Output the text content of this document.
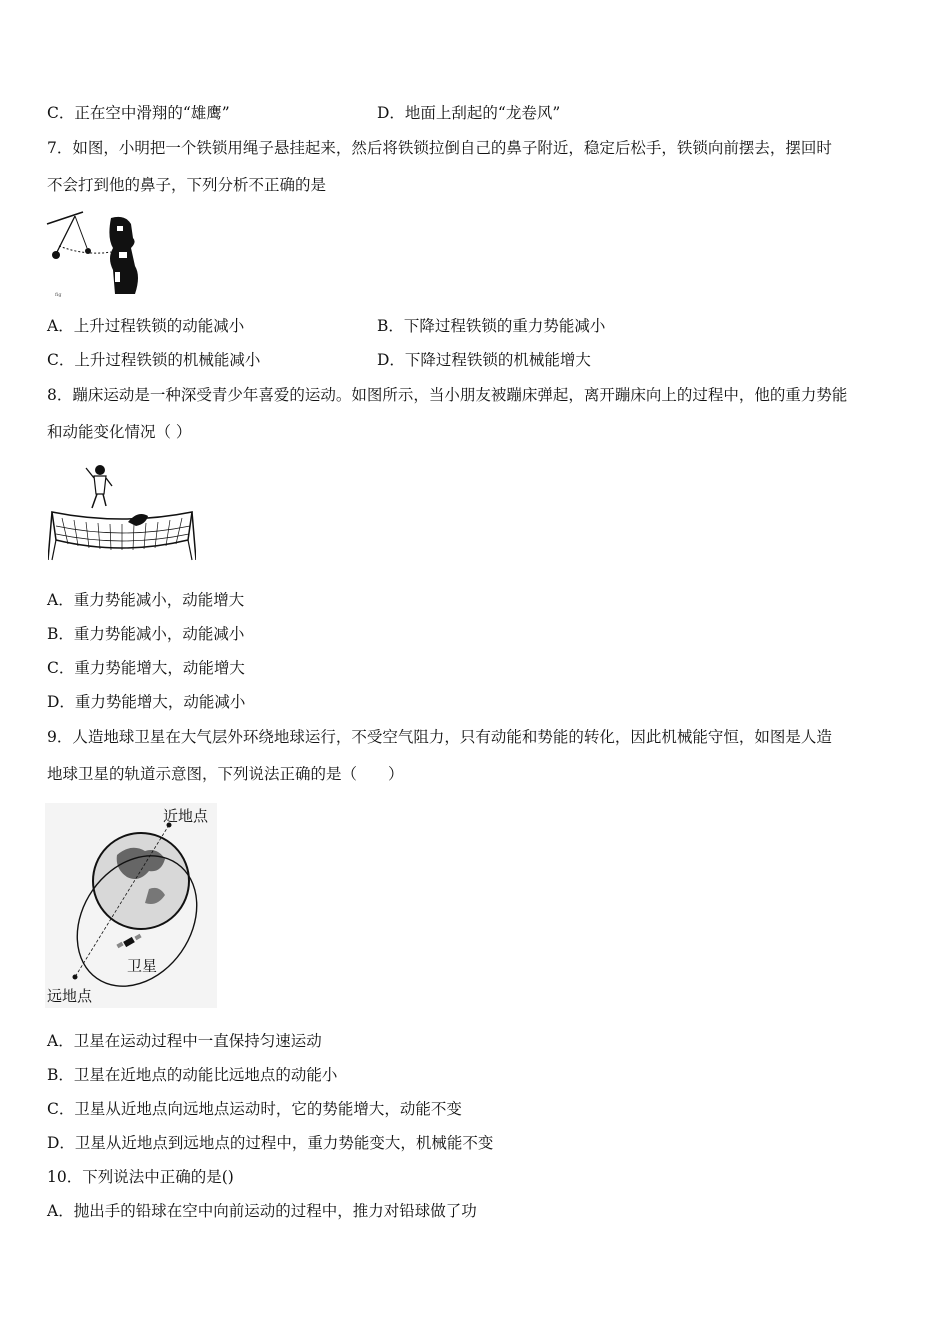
C．正在空中滑翔的“雄鹰”	D．地面上刮起的“龙卷风”
7．如图，小明把一个铁锁用绳子悬挂起来，然后将铁锁拉倒自己的鼻子附近，稳定后松手，铁锁向前摆去，摆回时
不会打到他的鼻子，下列分析不正确的是
fig
A．上升过程铁锁的动能减小	B．下降过程铁锁的重力势能减小
C．上升过程铁锁的机械能减小	D．下降过程铁锁的机械能增大
8．蹦床运动是一种深受青少年喜爱的运动。如图所示，当小朋友被蹦床弹起，离开蹦床向上的过程中，他的重力势能
和动能变化情况（ ）
A．重力势能减小，动能增大
B．重力势能减小，动能减小
C．重力势能增大，动能增大
D．重力势能增大，动能减小
9．人造地球卫星在大气层外环绕地球运行，不受空气阻力，只有动能和势能的转化，因此机械能守恒，如图是人造
地球卫星的轨道示意图，下列说法正确的是（　　）
近地点
卫星
远地点
A．卫星在运动过程中一直保持匀速运动
B．卫星在近地点的动能比远地点的动能小
C．卫星从近地点向远地点运动时，它的势能增大，动能不变
D．卫星从近地点到远地点的过程中，重力势能变大，机械能不变
10．下列说法中正确的是()
A．抛出手的铅球在空中向前运动的过程中，推力对铅球做了功
